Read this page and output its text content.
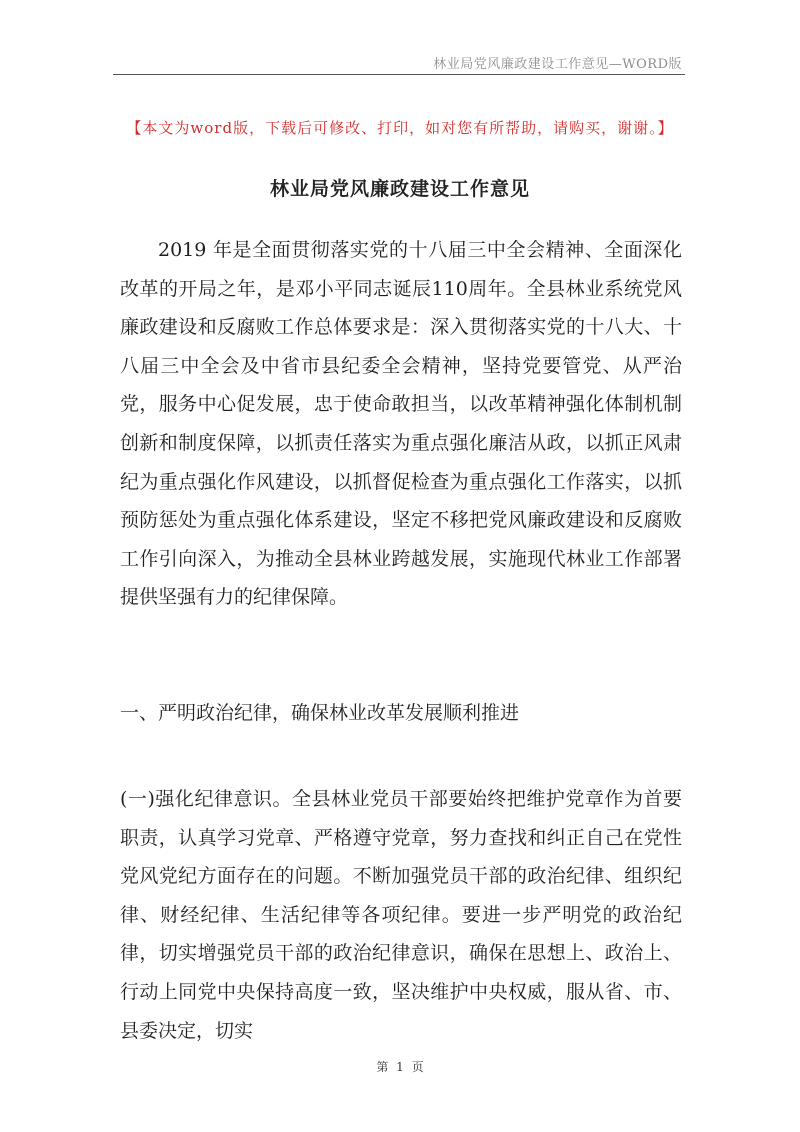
林业局党风廉政建设工作意见—WORD版
【本文为word版，下载后可修改、打印，如对您有所帮助，请购买，谢谢。】
林业局党风廉政建设工作意见

2019 年是全面贯彻落实党的十八届三中全会精神、全面深化改革的开局之年，是邓小平同志诞辰110周年。全县林业系统党风廉政建设和反腐败工作总体要求是：深入贯彻落实党的十八大、十八届三中全会及中省市县纪委全会精神，坚持党要管党、从严治党，服务中心促发展，忠于使命敢担当，以改革精神强化体制机制创新和制度保障，以抓责任落实为重点强化廉洁从政，以抓正风肃纪为重点强化作风建设，以抓督促检查为重点强化工作落实，以抓预防惩处为重点强化体系建设，坚定不移把党风廉政建设和反腐败工作引向深入，为推动全县林业跨越发展，实施现代林业工作部署提供坚强有力的纪律保障。

一、严明政治纪律，确保林业改革发展顺利推进

(一)强化纪律意识。全县林业党员干部要始终把维护党章作为首要职责，认真学习党章、严格遵守党章，努力查找和纠正自己在党性党风党纪方面存在的问题。不断加强党员干部的政治纪律、组织纪律、财经纪律、生活纪律等各项纪律。要进一步严明党的政治纪律，切实增强党员干部的政治纪律意识，确保在思想上、政治上、行动上同党中央保持高度一致，坚决维护中央权威，服从省、市、县委决定，切实

第 1 页
